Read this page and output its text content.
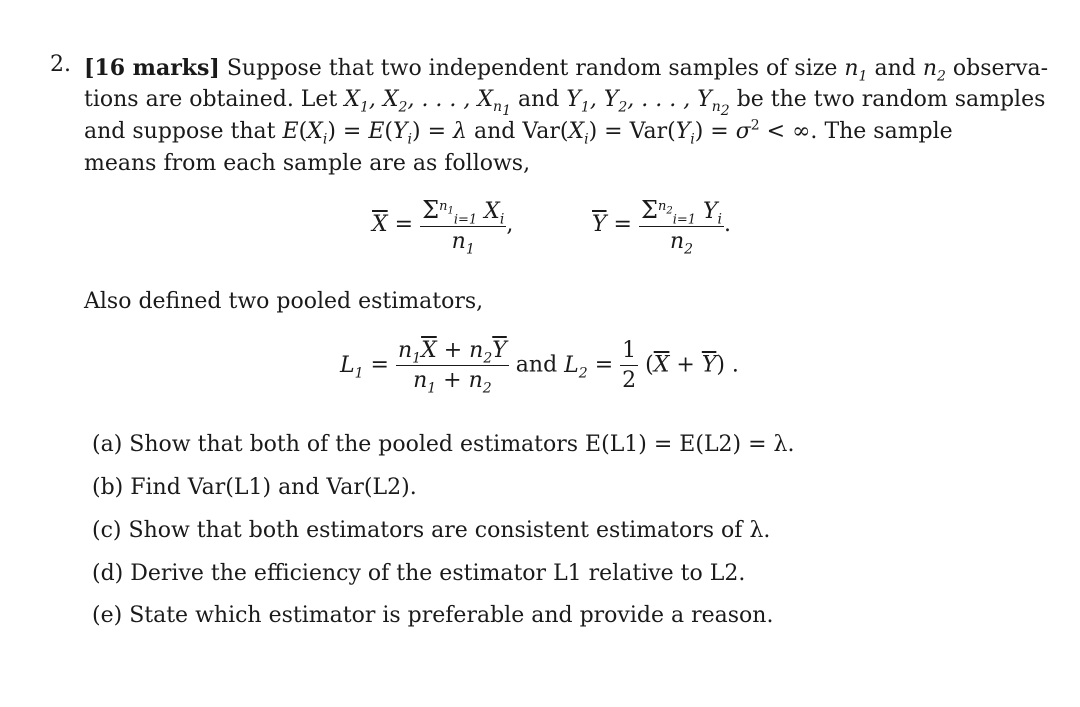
2. [16 marks] Suppose that two independent random samples of size $n_1$ and $n_2$ observa-
tions are obtained. Let $X_1$, $X_2$, . . . , $X_{n_1}$ and $Y_1$, $Y_2$, . . . , $Y_{n_2}$ be the two random samples
and suppose that $E(X_i) = E(Y_i) = \lambda$ and $Var(X_i) = Var(Y_i) = \sigma^2$ < ∞. The sample
means from each sample are as follows,
$\overline{X} = \frac{\Sigma^{n_1}_{i=1} X_i}{n_1}$ ,	$\overline{Y} = \frac{\Sigma^{n_2}_{i=1} Y_i}{n_2}$ .
Also defined two pooled estimators,
$L_1 = \frac{n_1\overline{X} + n_2\overline{Y}}{n_1 + n_2}$ and $L_2 = \frac{1}{2} (\overline{X} + \overline{Y})$ .
(a) Show that both of the pooled estimators E(L1) = E(L2) = λ.
(b) Find Var(L1) and Var(L2).
(c) Show that both estimators are consistent estimators of λ.
(d) Derive the efficiency of the estimator L1 relative to L2.
(e) State which estimator is preferable and provide a reason.
